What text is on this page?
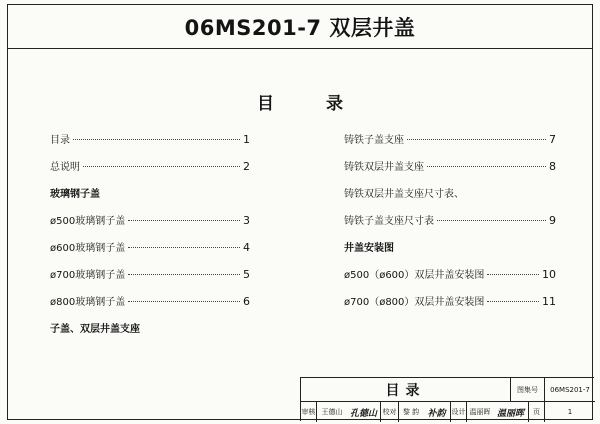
06MS201-7 双层井盖
目	录
目录	1
总说明	2
玻璃钢子盖
ø500玻璃钢子盖	3
ø600玻璃钢子盖	4
ø700玻璃钢子盖	5
ø800玻璃钢子盖	6
子盖、双层井盖支座
铸铁子盖支座	7
铸铁双层井盖支座	8
铸铁双层井盖支座尺寸表、
铸铁子盖支座尺寸表	9
井盖安装图
ø500（ø600）双层井盖安装图	10
ø700（ø800）双层井盖安装图	11
目录	图集号	06MS201-7
审核 王德山 孔德山 校对 黎 韵 补韵 设计 温丽晖 温丽晖	页	1
